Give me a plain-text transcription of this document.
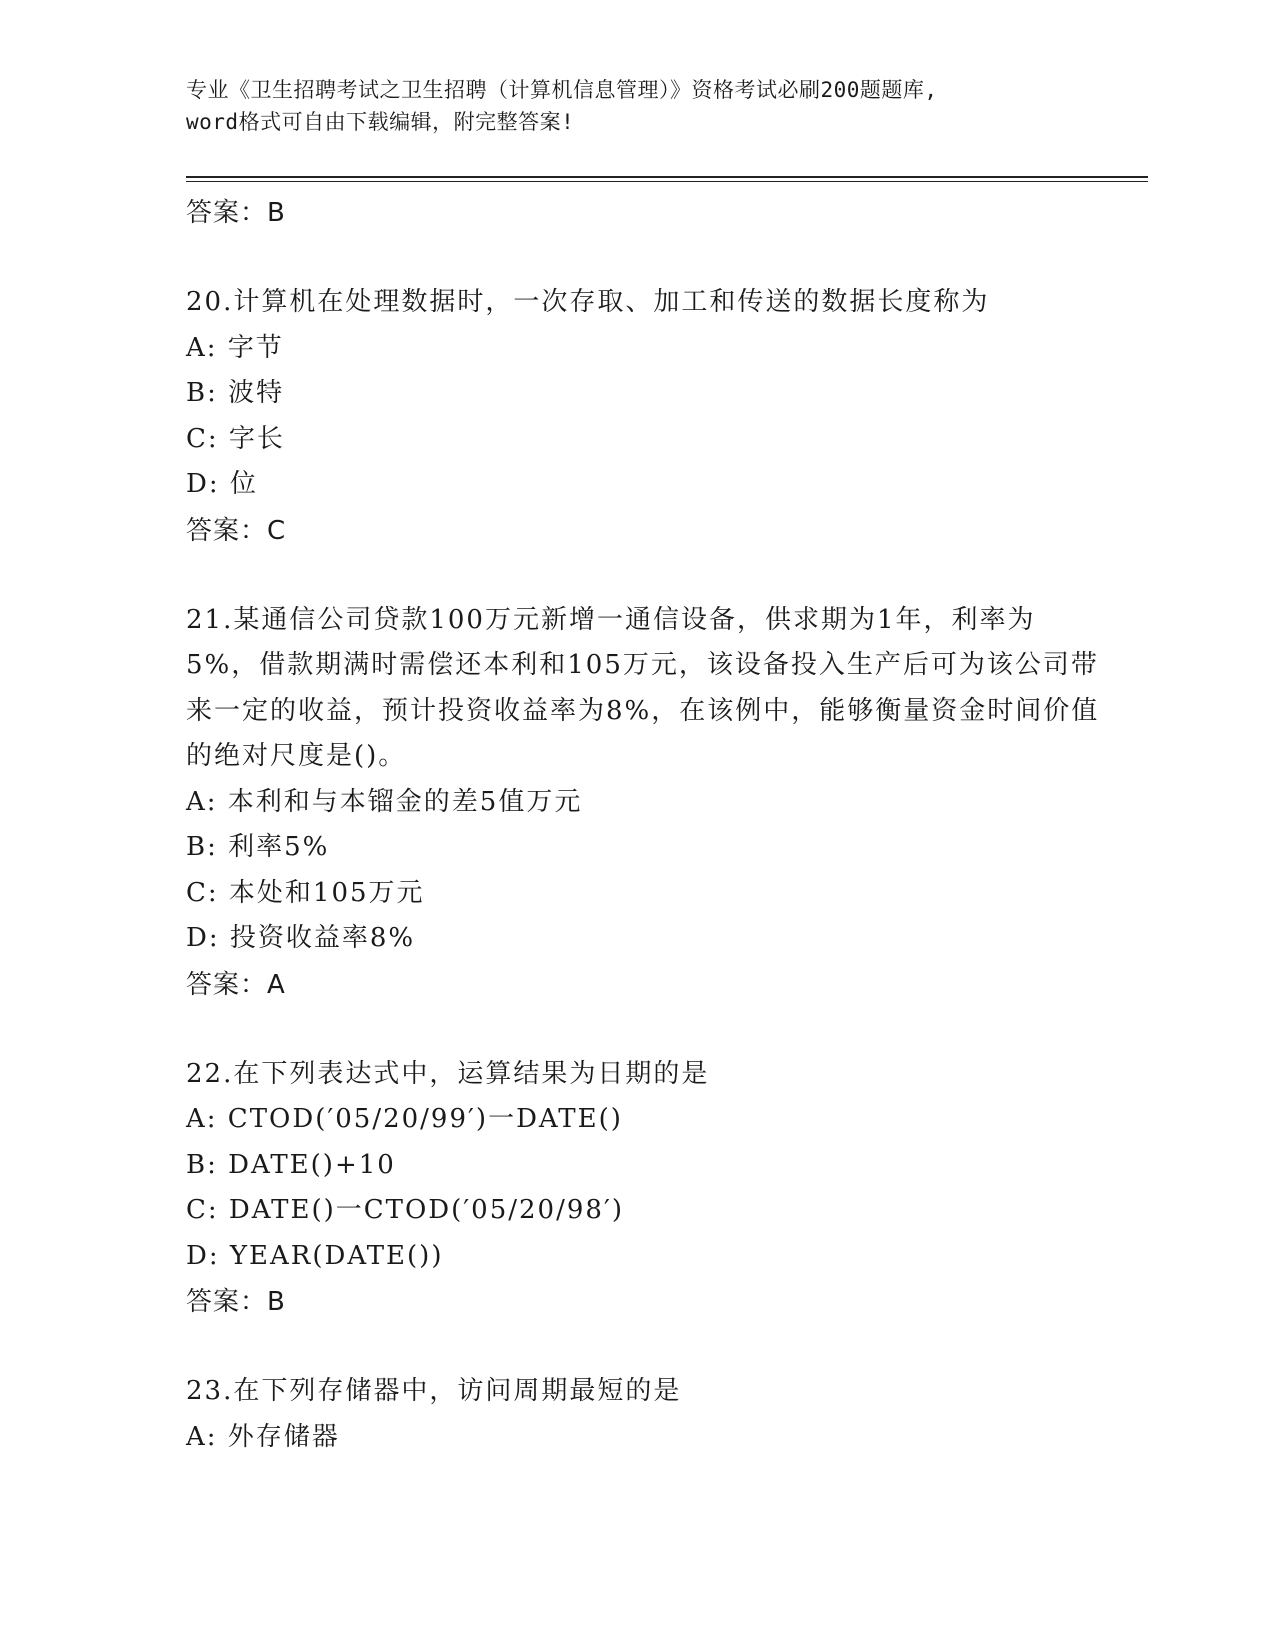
专业《卫生招聘考试之卫生招聘（计算机信息管理）》资格考试必刷200题题库,
word格式可自由下载编辑，附完整答案!
答案：B
20.计算机在处理数据时，一次存取、加工和传送的数据长度称为
A: 字节
B: 波特
C: 字长
D: 位
答案：C
21.某通信公司贷款100万元新增一通信设备，供求期为1年，利率为5%，借款期满时需偿还本利和105万元，该设备投入生产后可为该公司带来一定的收益，预计投资收益率为8%，在该例中，能够衡量资金时间价值的绝对尺度是()。
A: 本利和与本镏金的差5值万元
B: 利率5%
C: 本处和105万元
D: 投资收益率8%
答案：A
22.在下列表达式中，运算结果为日期的是
A: CTOD(′05/20/99′)一DATE()
B: DATE()+10
C: DATE()一CTOD(′05/20/98′)
D: YEAR(DATE())
答案：B
23.在下列存储器中，访问周期最短的是
A: 外存储器
